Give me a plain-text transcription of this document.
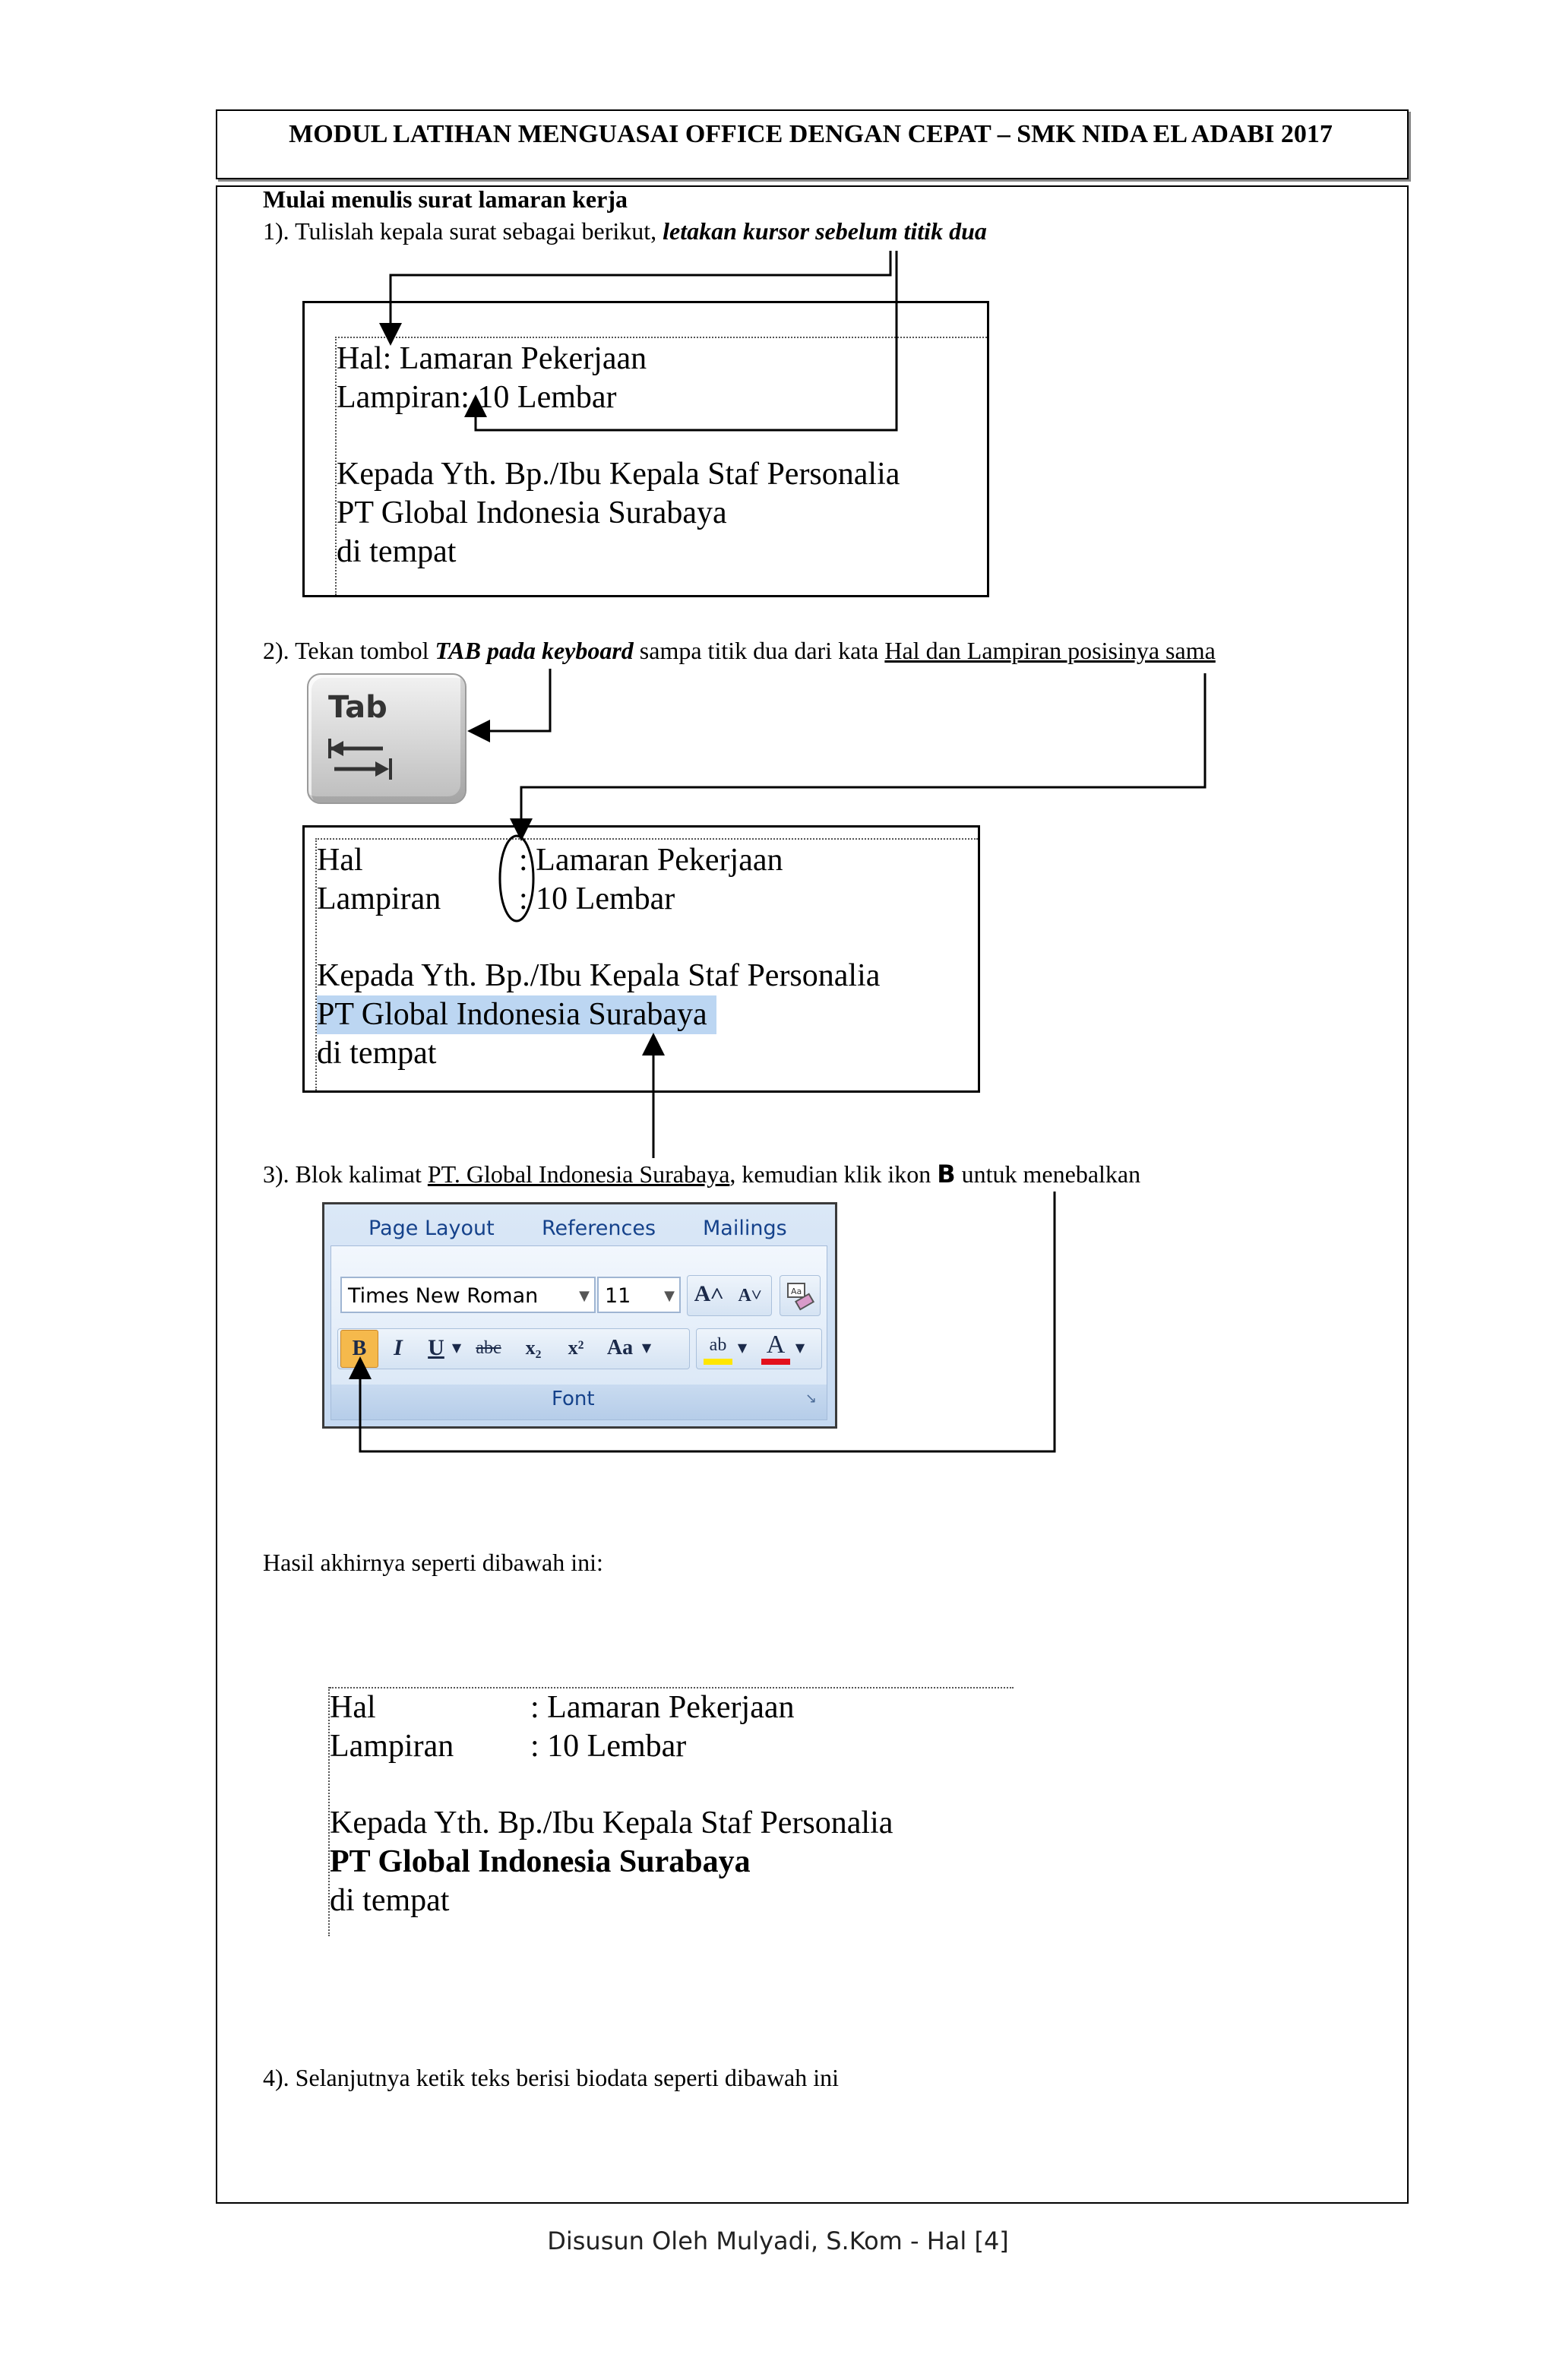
MODUL LATIHAN MENGUASAI OFFICE DENGAN CEPAT – SMK NIDA EL ADABI 2017
Mulai menulis surat lamaran kerja
1). Tulislah kepala surat sebagai berikut, letakan kursor sebelum titik dua
Hal: Lamaran Pekerjaan
Lampiran: 10 Lembar
Kepada Yth. Bp./Ibu Kepala Staf Personalia
PT Global Indonesia Surabaya
di tempat
2). Tekan tombol TAB pada keyboard sampa titik dua dari kata Hal dan Lampiran posisinya sama
Tab
Hal	: Lamaran Pekerjaan
Lampiran : 10 Lembar
Kepada Yth. Bp./Ibu Kepala Staf Personalia
PT Global Indonesia Surabaya
di tempat
3). Blok kalimat PT. Global Indonesia Surabaya, kemudian klik ikon B untuk menebalkan
Page Layout References Mailings
Times New Roman	▼ 11 ▼ A˄ A˅	Aa
B	I	U ▼ abc	x₂	x²	Aa ▼	ab ▼ A ▼
Font	↘
Hasil akhirnya seperti dibawah ini:
Hal	: Lamaran Pekerjaan
Lampiran : 10 Lembar
Kepada Yth. Bp./Ibu Kepala Staf Personalia
PT Global Indonesia Surabaya
di tempat
4). Selanjutnya ketik teks berisi biodata seperti dibawah ini
Disusun Oleh Mulyadi, S.Kom - Hal [4]
